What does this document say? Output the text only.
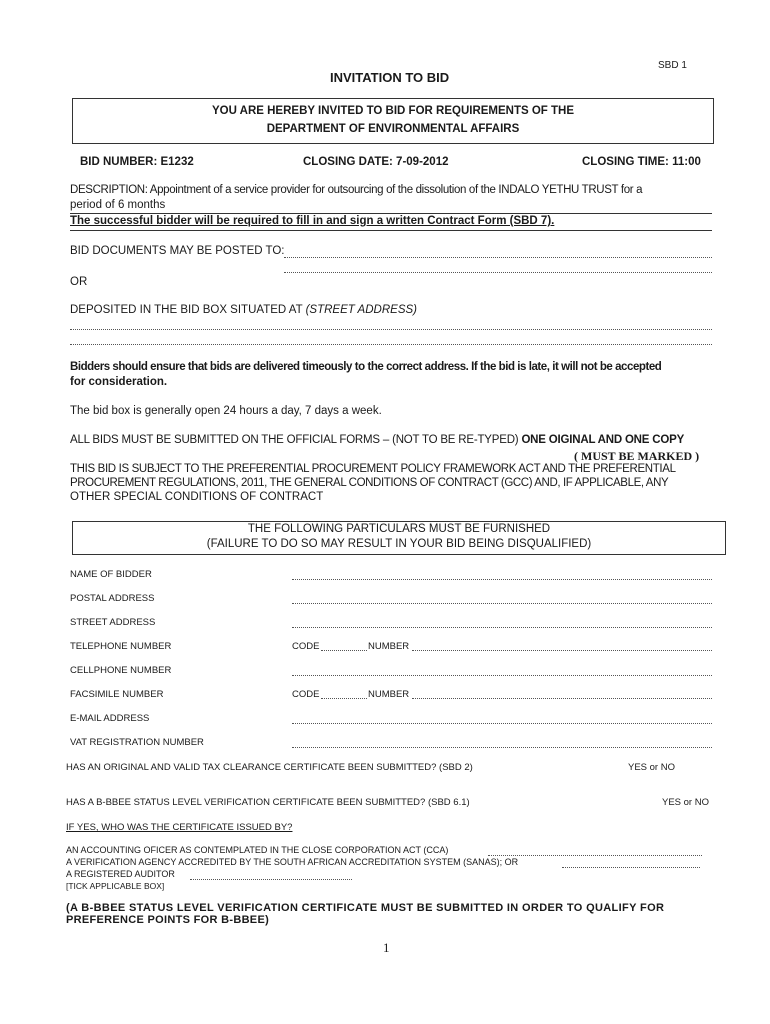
SBD 1
INVITATION TO BID
YOU ARE HEREBY INVITED TO BID FOR REQUIREMENTS OF THE
DEPARTMENT OF ENVIRONMENTAL AFFAIRS
BID NUMBER: E1232	CLOSING DATE: 7-09-2012	CLOSING TIME: 11:00
DESCRIPTION: Appointment of a service provider for outsourcing of the dissolution of the INDALO YETHU TRUST for a
period of 6 months
The successful bidder will be required to fill in and sign a written Contract Form (SBD 7).
BID DOCUMENTS MAY BE POSTED TO:
OR
DEPOSITED IN THE BID BOX SITUATED AT (STREET ADDRESS)
Bidders should ensure that bids are delivered timeously to the correct address. If the bid is late, it will not be accepted
for consideration.
The bid box is generally open 24 hours a day, 7 days a week.
ALL BIDS MUST BE SUBMITTED ON THE OFFICIAL FORMS – (NOT TO BE RE-TYPED) ONE OIGINAL AND ONE COPY
( MUST BE MARKED )
THIS BID IS SUBJECT TO THE PREFERENTIAL PROCUREMENT POLICY FRAMEWORK ACT AND THE PREFERENTIAL
PROCUREMENT REGULATIONS, 2011, THE GENERAL CONDITIONS OF CONTRACT (GCC) AND, IF APPLICABLE, ANY
OTHER SPECIAL CONDITIONS OF CONTRACT
THE FOLLOWING PARTICULARS MUST BE FURNISHED
(FAILURE TO DO SO MAY RESULT IN YOUR BID BEING DISQUALIFIED)
NAME OF BIDDER
POSTAL ADDRESS
STREET ADDRESS
TELEPHONE NUMBER	CODE	NUMBER
CELLPHONE NUMBER
FACSIMILE NUMBER	CODE	NUMBER
E-MAIL ADDRESS
VAT REGISTRATION NUMBER
HAS AN ORIGINAL AND VALID TAX CLEARANCE CERTIFICATE BEEN SUBMITTED? (SBD 2)	YES or NO
HAS A B-BBEE STATUS LEVEL VERIFICATION CERTIFICATE BEEN SUBMITTED? (SBD 6.1)	YES or NO
IF YES, WHO WAS THE CERTIFICATE ISSUED BY?
AN ACCOUNTING OFICER AS CONTEMPLATED IN THE CLOSE CORPORATION ACT (CCA)
A VERIFICATION AGENCY ACCREDITED BY THE SOUTH AFRICAN ACCREDITATION SYSTEM (SANAS); OR
A REGISTERED AUDITOR
[TICK APPLICABLE BOX]
(A B-BBEE STATUS LEVEL VERIFICATION CERTIFICATE MUST BE SUBMITTED IN ORDER TO QUALIFY FOR
PREFERENCE POINTS FOR B-BBEE)
1
